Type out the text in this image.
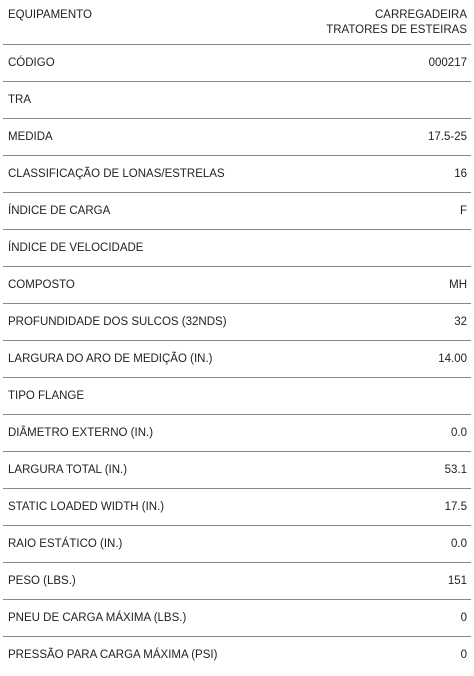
EQUIPAMENTO	CARREGADEIRA
TRATORES DE ESTEIRAS
CÓDIGO	000217
TRA
MEDIDA	17.5-25
CLASSIFICAÇÃO DE LONAS/ESTRELAS	16
ÍNDICE DE CARGA	F
ÍNDICE DE VELOCIDADE
COMPOSTO	MH
PROFUNDIDADE DOS SULCOS (32NDS)	32
LARGURA DO ARO DE MEDIÇÃO (IN.)	14.00
TIPO FLANGE
DIÂMETRO EXTERNO (IN.)	0.0
LARGURA TOTAL (IN.)	53.1
STATIC LOADED WIDTH (IN.)	17.5
RAIO ESTÁTICO (IN.)	0.0
PESO (LBS.)	151
PNEU DE CARGA MÁXIMA (LBS.)	0
PRESSÃO PARA CARGA MÁXIMA (PSI)	0
